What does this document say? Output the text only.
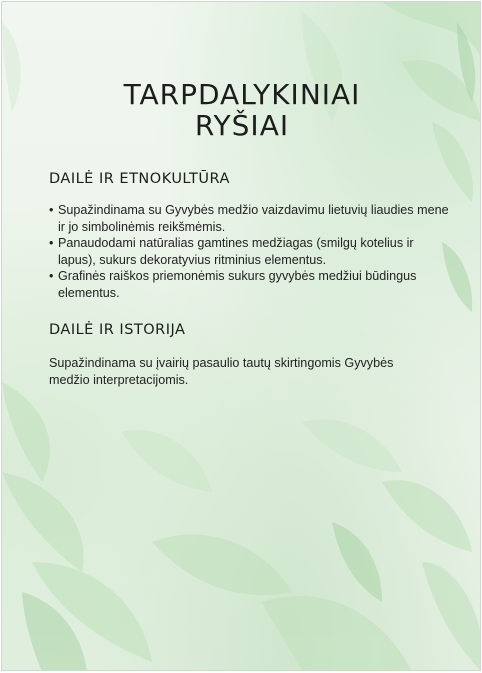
TARPDALYKINIAI
RYŠIAI
DAILĖ IR ETNOKULTŪRA
• Supažindinama su Gyvybės medžio vaizdavimu lietuvių liaudies mene ir jo simbolinėmis reikšmėmis.
• Panaudodami natūralias gamtines medžiagas (smilgų kotelius ir lapus), sukurs dekoratyvius ritminius elementus.
• Grafinės raiškos priemonėmis sukurs gyvybės medžiui būdingus elementus.
DAILĖ IR ISTORIJA

Supažindinama su įvairių pasaulio tautų skirtingomis Gyvybės medžio interpretacijomis.
